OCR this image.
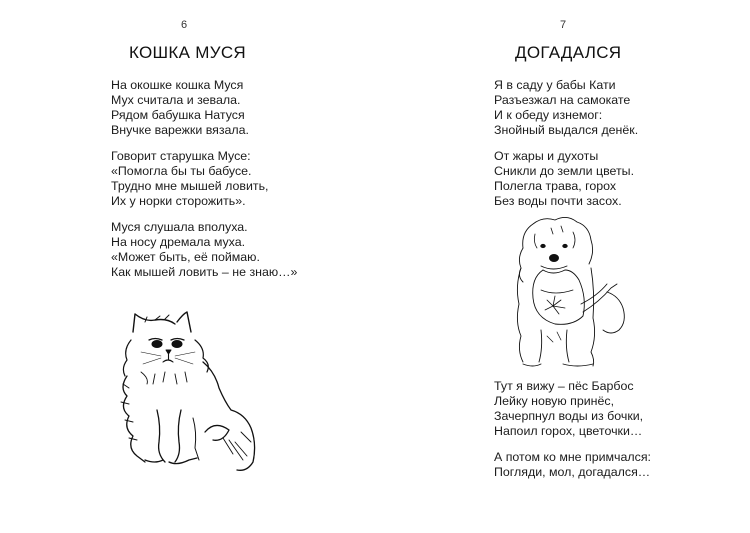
6
КОШКА МУСЯ
На окошке кошка Муся
Мух считала и зевала.
Рядом бабушка Натуся
Внучке варежки вязала.
Говорит старушка Мусе:
«Помогла бы ты бабусе.
Трудно мне мышей ловить,
Их у норки сторожить».
Муся слушала вполуха.
На носу дремала муха.
«Может быть, её поймаю.
Как мышей ловить – не знаю…»
7
ДОГАДАЛСЯ
Я в саду у бабы Кати
Разъезжал на самокате
И к обеду изнемог:
Знойный выдался денёк.
От жары и духоты
Сникли до земли цветы.
Полегла трава, горох
Без воды почти засох.
Тут я вижу – пёс Барбос
Лейку новую принёс,
Зачерпнул воды из бочки,
Напоил горох, цветочки…
А потом ко мне примчался:
Погляди, мол, догадался…
